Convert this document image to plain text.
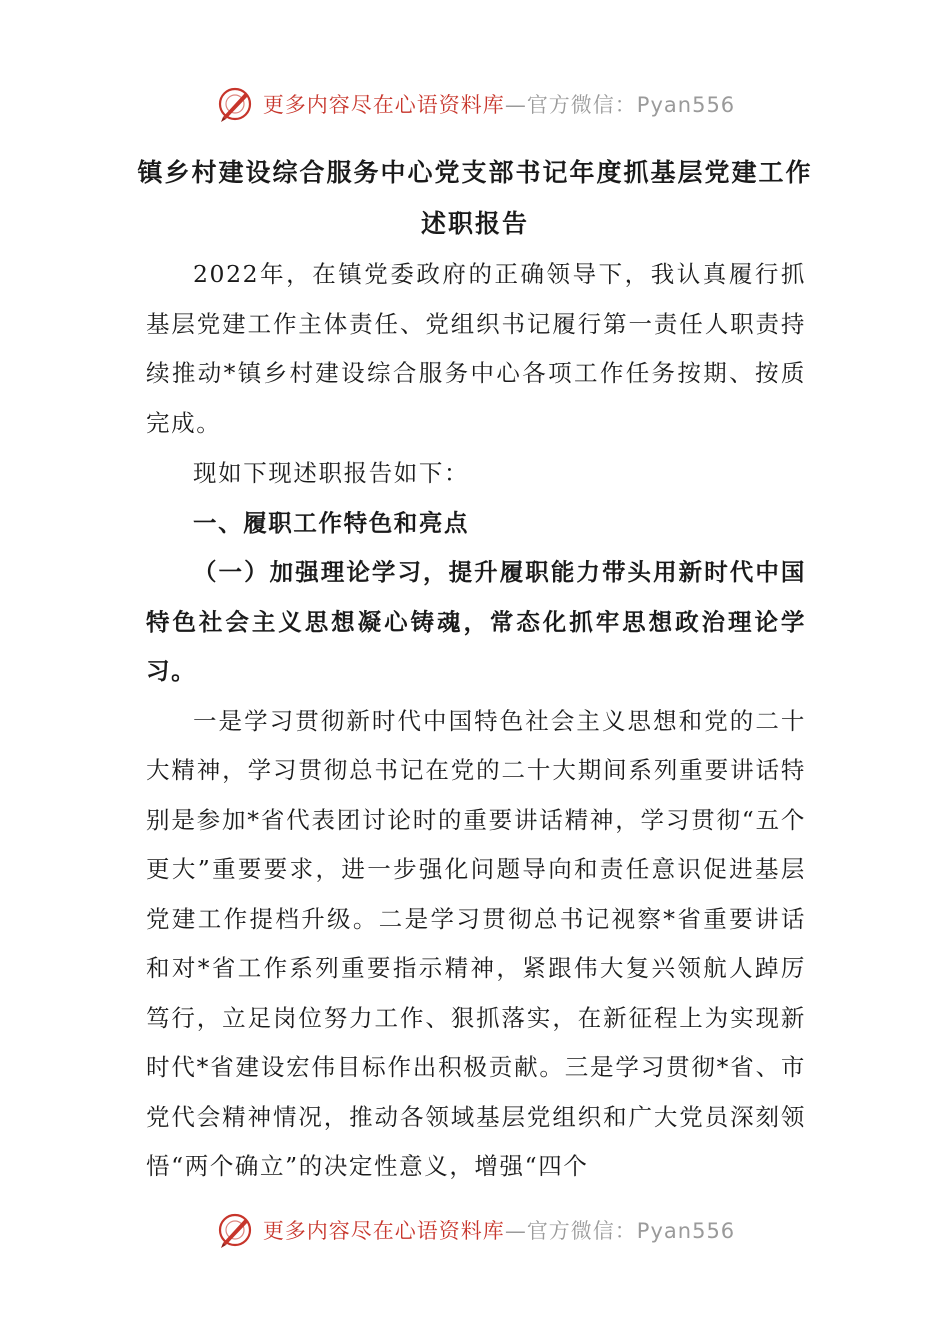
更多内容尽在心语资料库—官方微信：Pyan556
镇乡村建设综合服务中心党支部书记年度抓基层党建工作
述职报告

2022年，在镇党委政府的正确领导下，我认真履行抓基层党建工作主体责任、党组织书记履行第一责任人职责持续推动*镇乡村建设综合服务中心各项工作任务按期、按质完成。

现如下现述职报告如下：

一、履职工作特色和亮点

（一）加强理论学习，提升履职能力带头用新时代中国特色社会主义思想凝心铸魂，常态化抓牢思想政治理论学习。

一是学习贯彻新时代中国特色社会主义思想和党的二十大精神，学习贯彻总书记在党的二十大期间系列重要讲话特别是参加*省代表团讨论时的重要讲话精神，学习贯彻“五个更大”重要要求，进一步强化问题导向和责任意识促进基层党建工作提档升级。二是学习贯彻总书记视察*省重要讲话和对*省工作系列重要指示精神，紧跟伟大复兴领航人踔厉笃行，立足岗位努力工作、狠抓落实，在新征程上为实现新时代*省建设宏伟目标作出积极贡献。三是学习贯彻*省、市党代会精神情况，推动各领域基层党组织和广大党员深刻领悟“两个确立”的决定性意义，增强“四个

更多内容尽在心语资料库—官方微信：Pyan556
